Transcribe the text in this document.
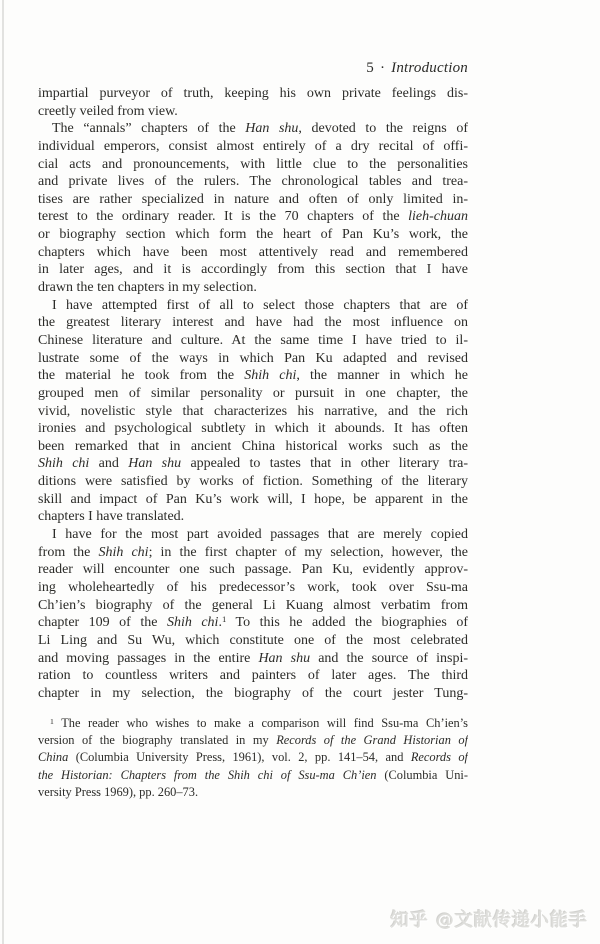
5 · Introduction
impartial purveyor of truth, keeping his own private feelings dis-
creetly veiled from view.
The “annals” chapters of the Han shu, devoted to the reigns of
individual emperors, consist almost entirely of a dry recital of offi-
cial acts and pronouncements, with little clue to the personalities
and private lives of the rulers. The chronological tables and trea-
tises are rather specialized in nature and often of only limited in-
terest to the ordinary reader. It is the 70 chapters of the lieh-chuan
or biography section which form the heart of Pan Ku’s work, the
chapters which have been most attentively read and remembered
in later ages, and it is accordingly from this section that I have
drawn the ten chapters in my selection.
I have attempted first of all to select those chapters that are of
the greatest literary interest and have had the most influence on
Chinese literature and culture. At the same time I have tried to il-
lustrate some of the ways in which Pan Ku adapted and revised
the material he took from the Shih chi, the manner in which he
grouped men of similar personality or pursuit in one chapter, the
vivid, novelistic style that characterizes his narrative, and the rich
ironies and psychological subtlety in which it abounds. It has often
been remarked that in ancient China historical works such as the
Shih chi and Han shu appealed to tastes that in other literary tra-
ditions were satisfied by works of fiction. Something of the literary
skill and impact of Pan Ku’s work will, I hope, be apparent in the
chapters I have translated.
I have for the most part avoided passages that are merely copied
from the Shih chi; in the first chapter of my selection, however, the
reader will encounter one such passage. Pan Ku, evidently approv-
ing wholeheartedly of his predecessor’s work, took over Ssu-ma
Ch’ien’s biography of the general Li Kuang almost verbatim from
chapter 109 of the Shih chi.$^1$ To this he added the biographies of
Li Ling and Su Wu, which constitute one of the most celebrated
and moving passages in the entire Han shu and the source of inspi-
ration to countless writers and painters of later ages. The third
chapter in my selection, the biography of the court jester Tung-
$^1$ The reader who wishes to make a comparison will find Ssu-ma Ch’ien’s
version of the biography translated in my Records of the Grand Historian of
China (Columbia University Press, 1961), vol. 2, pp. 141–54, and Records of
the Historian: Chapters from the Shih chi of Ssu-ma Ch’ien (Columbia Uni-
versity Press 1969), pp. 260–73.
知乎 @文献传递小能手
